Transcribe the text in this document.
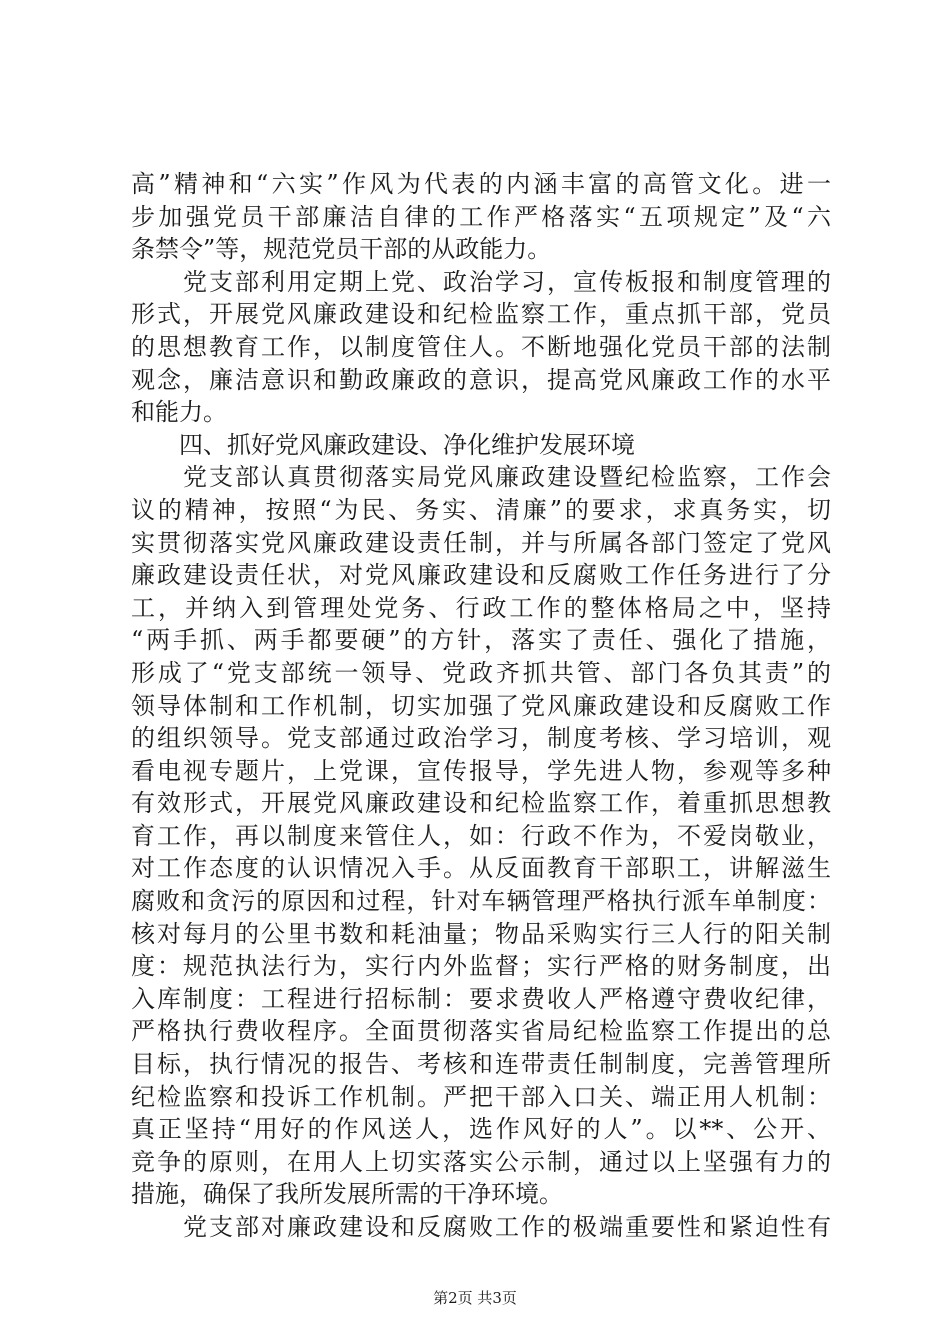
高”精神和“六实”作风为代表的内涵丰富的高管文化。进一
步加强党员干部廉洁自律的工作严格落实“五项规定”及“六
条禁令”等，规范党员干部的从政能力。
　　党支部利用定期上党、政治学习，宣传板报和制度管理的
形式，开展党风廉政建设和纪检监察工作，重点抓干部，党员
的思想教育工作，以制度管住人。不断地强化党员干部的法制
观念，廉洁意识和勤政廉政的意识，提高党风廉政工作的水平
和能力。
　　四、抓好党风廉政建设、净化维护发展环境
　　党支部认真贯彻落实局党风廉政建设暨纪检监察，工作会
议的精神，按照“为民、务实、清廉”的要求，求真务实，切
实贯彻落实党风廉政建设责任制，并与所属各部门签定了党风
廉政建设责任状，对党风廉政建设和反腐败工作任务进行了分
工，并纳入到管理处党务、行政工作的整体格局之中，坚持
“两手抓、两手都要硬”的方针，落实了责任、强化了措施，
形成了“党支部统一领导、党政齐抓共管、部门各负其责”的
领导体制和工作机制，切实加强了党风廉政建设和反腐败工作
的组织领导。党支部通过政治学习，制度考核、学习培训，观
看电视专题片，上党课，宣传报导，学先进人物，参观等多种
有效形式，开展党风廉政建设和纪检监察工作，着重抓思想教
育工作，再以制度来管住人，如：行政不作为，不爱岗敬业，
对工作态度的认识情况入手。从反面教育干部职工，讲解滋生
腐败和贪污的原因和过程，针对车辆管理严格执行派车单制度：
核对每月的公里书数和耗油量；物品采购实行三人行的阳关制
度：规范执法行为，实行内外监督；实行严格的财务制度，出
入库制度：工程进行招标制：要求费收人严格遵守费收纪律，
严格执行费收程序。全面贯彻落实省局纪检监察工作提出的总
目标，执行情况的报告、考核和连带责任制制度，完善管理所
纪检监察和投诉工作机制。严把干部入口关、端正用人机制：
真正坚持“用好的作风送人，选作风好的人”。以**、公开、
竞争的原则，在用人上切实落实公示制，通过以上坚强有力的
措施，确保了我所发展所需的干净环境。
　　党支部对廉政建设和反腐败工作的极端重要性和紧迫性有
第2页 共3页
